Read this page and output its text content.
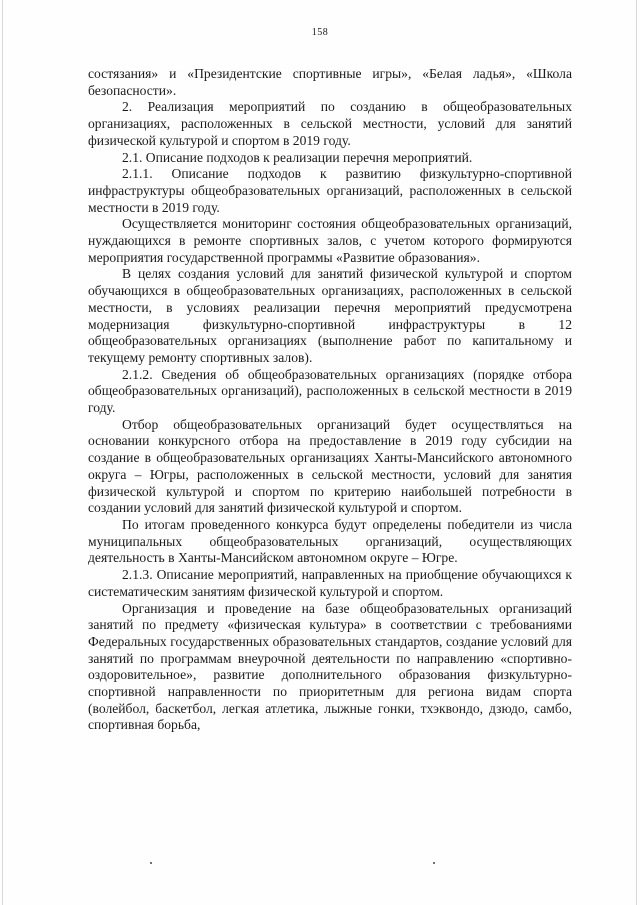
158

состязания» и «Президентские спортивные игры», «Белая ладья», «Школа безопасности».

2. Реализация мероприятий по созданию в общеобразовательных организациях, расположенных в сельской местности, условий для занятий физической культурой и спортом в 2019 году.

2.1. Описание подходов к реализации перечня мероприятий.

2.1.1. Описание подходов к развитию физкультурно-спортивной инфраструктуры общеобразовательных организаций, расположенных в сельской местности в 2019 году.

Осуществляется мониторинг состояния общеобразовательных организаций, нуждающихся в ремонте спортивных залов, с учетом которого формируются мероприятия государственной программы «Развитие образования».

В целях создания условий для занятий физической культурой и спортом обучающихся в общеобразовательных организациях, расположенных в сельской местности, в условиях реализации перечня мероприятий предусмотрена модернизация физкультурно-спортивной инфраструктуры в 12 общеобразовательных организациях (выполнение работ по капитальному и текущему ремонту спортивных залов).

2.1.2. Сведения об общеобразовательных организациях (порядке отбора общеобразовательных организаций), расположенных в сельской местности в 2019 году.

Отбор общеобразовательных организаций будет осуществляться на основании конкурсного отбора на предоставление в 2019 году субсидии на создание в общеобразовательных организациях Ханты-Мансийского автономного округа – Югры, расположенных в сельской местности, условий для занятия физической культурой и спортом по критерию наибольшей потребности в создании условий для занятий физической культурой и спортом.

По итогам проведенного конкурса будут определены победители из числа муниципальных общеобразовательных организаций, осуществляющих деятельность в Ханты-Мансийском автономном округе – Югре.

2.1.3. Описание мероприятий, направленных на приобщение обучающихся к систематическим занятиям физической культурой и спортом.

Организация и проведение на базе общеобразовательных организаций занятий по предмету «физическая культура» в соответствии с требованиями Федеральных государственных образовательных стандартов, создание условий для занятий по программам внеурочной деятельности по направлению «спортивно-оздоровительное», развитие дополнительного образования физкультурно-спортивной направленности по приоритетным для региона видам спорта (волейбол, баскетбол, легкая атлетика, лыжные гонки, тхэквондо, дзюдо, самбо, спортивная борьба,
